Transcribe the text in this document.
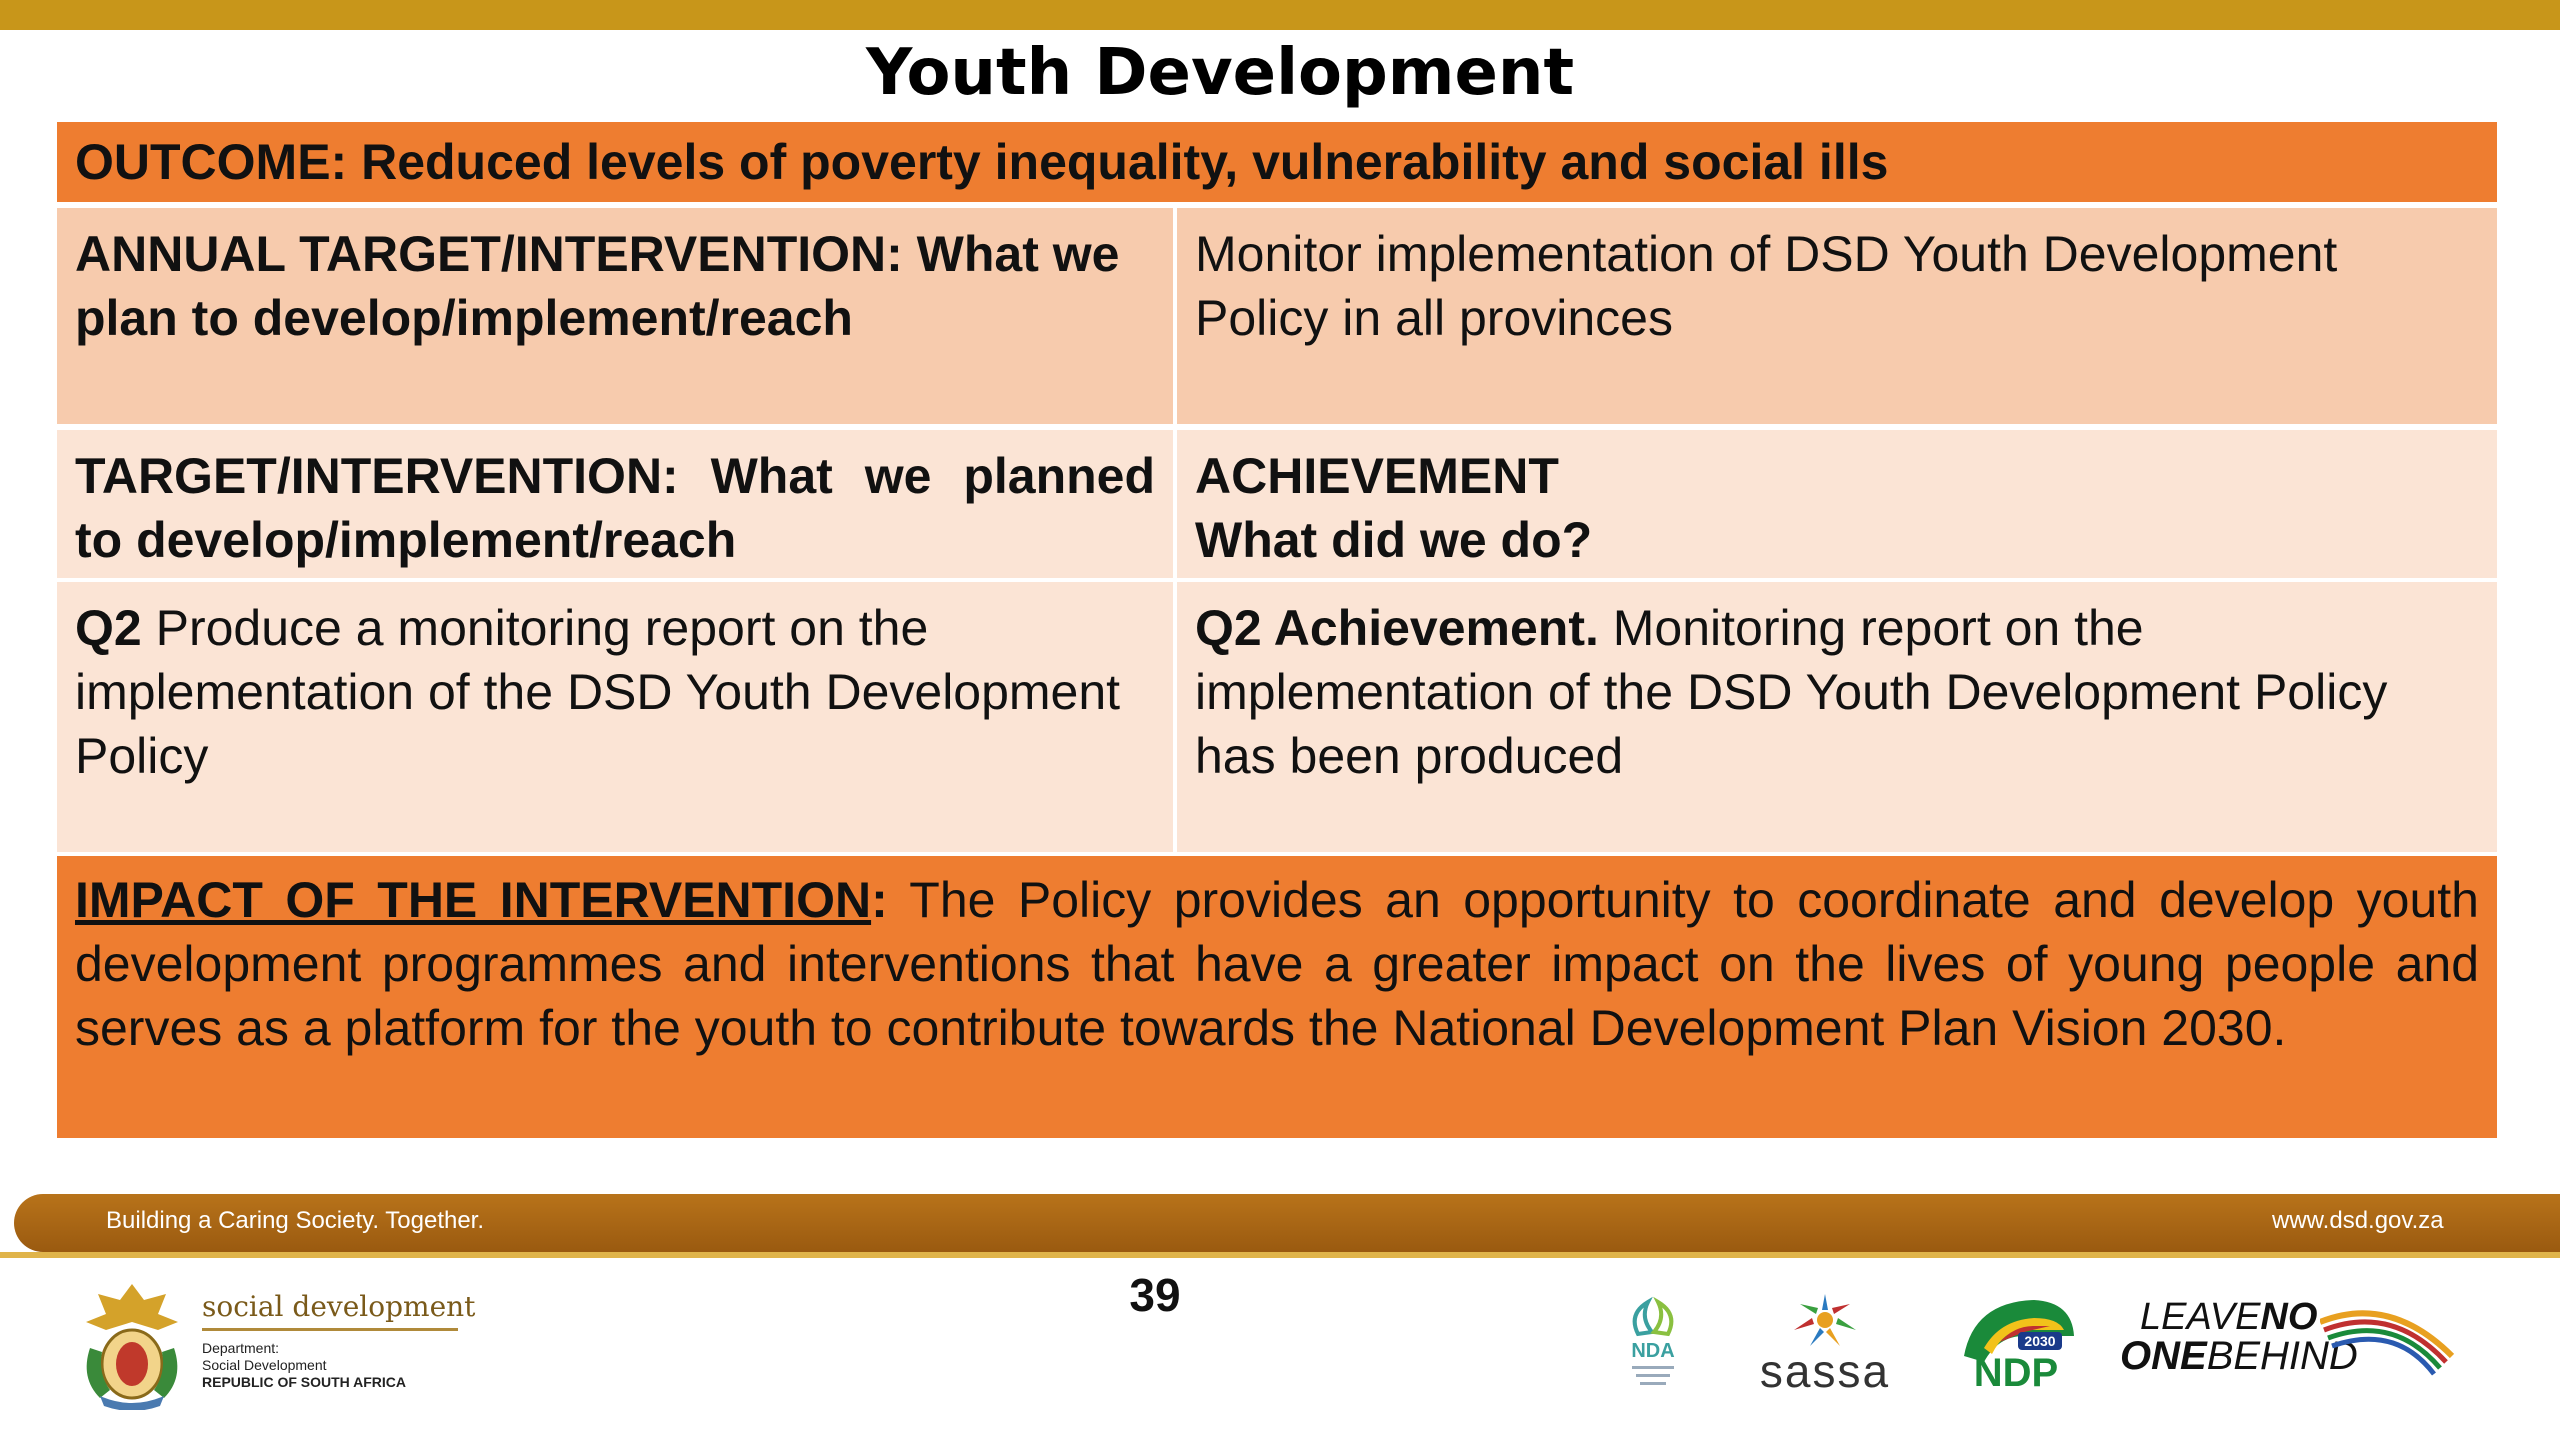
Youth Development
OUTCOME: Reduced levels of poverty inequality, vulnerability and social ills
ANNUAL TARGET/INTERVENTION: What we plan to develop/implement/reach
Monitor implementation of DSD Youth Development Policy in all provinces
TARGET/INTERVENTION: What we planned to develop/implement/reach
ACHIEVEMENT
What did we do?
Q2 Produce a monitoring report on the implementation of the DSD Youth Development Policy
Q2 Achievement. Monitoring report on the implementation of the DSD Youth Development Policy has been produced
IMPACT OF THE INTERVENTION: The Policy provides an opportunity to coordinate and develop youth development programmes and interventions that have a greater impact on the lives of young people and serves as a platform for the youth to contribute towards the National Development Plan Vision 2030.
Building a Caring Society. Together.	www.dsd.gov.za
39
social development
Department:
Social Development
REPUBLIC OF SOUTH AFRICA
NDA	sassa
2030
NDP
LEAVENO
ONEBEHIND
